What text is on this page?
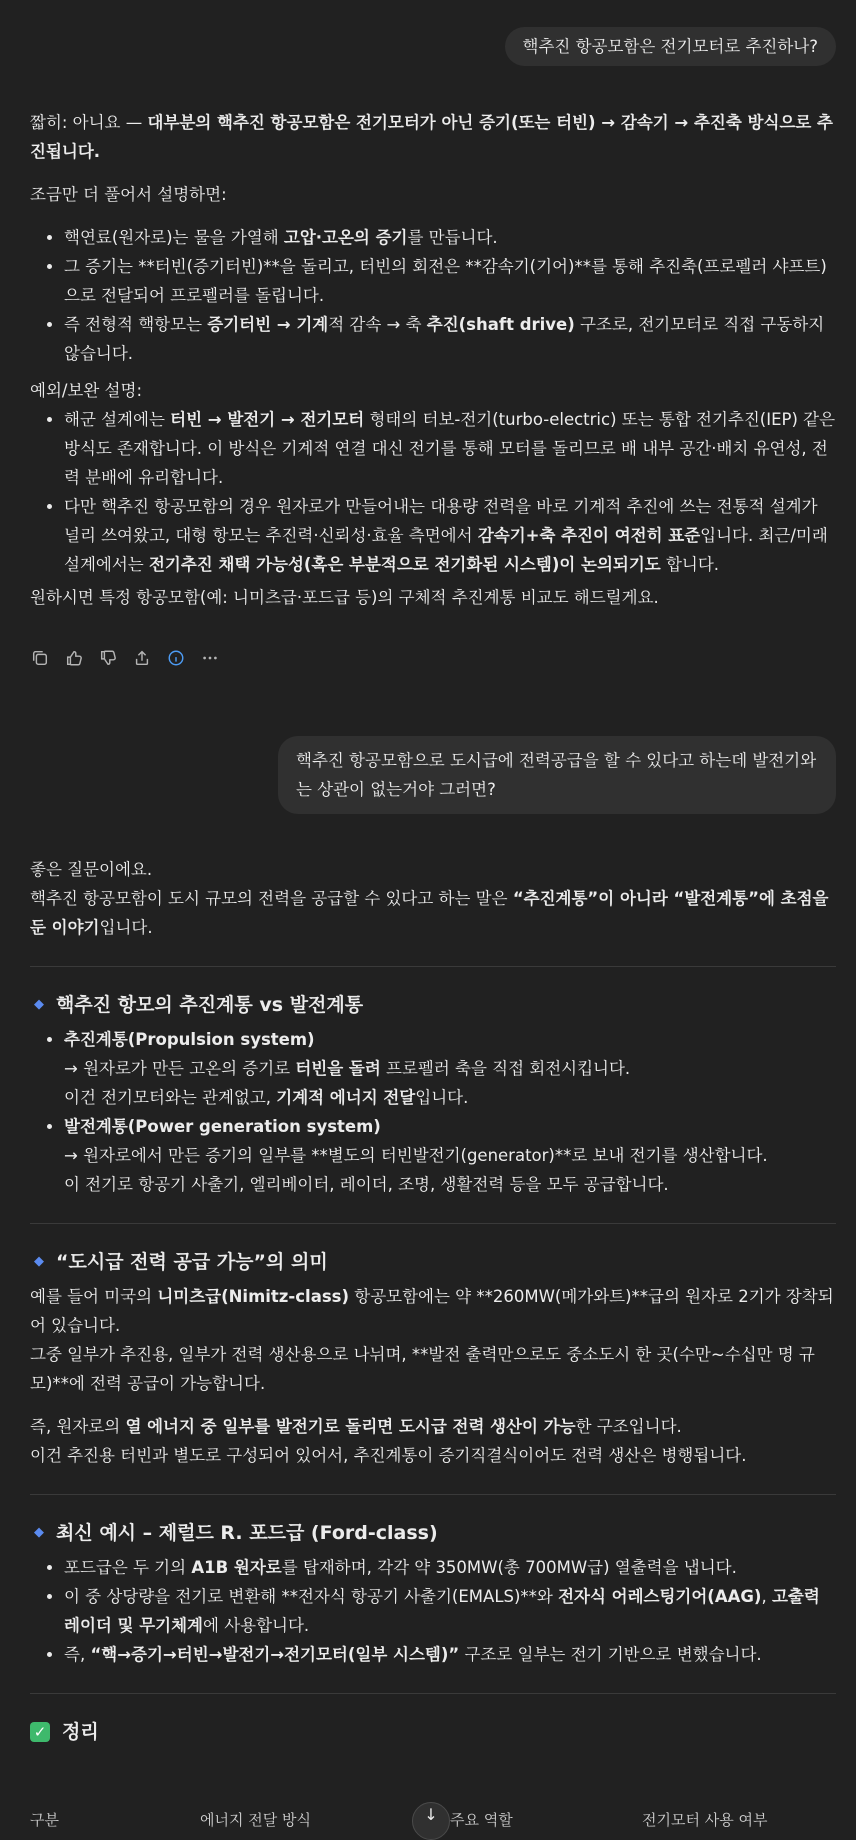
핵추진 항공모함은 전기모터로 추진하나?

짧히: 아니요 — 대부분의 핵추진 항공모함은 전기모터가 아닌 증기(또는 터빈) → 감속기 → 추진축 방식으로 추진됩니다.

조금만 더 풀어서 설명하면:

• 핵연료(원자로)는 물을 가열해 고압·고온의 증기를 만듭니다.
• 그 증기는 **터빈(증기터빈)**을 돌리고, 터빈의 회전은 **감속기(기어)**를 통해 추진축(프로펠러 샤프트)으로 전달되어 프로펠러를 돌립니다.
• 즉 전형적 핵항모는 증기터빈 → 기계적 감속 → 축 추진(shaft drive) 구조로, 전기모터로 직접 구동하지 않습니다.

예외/보완 설명:

• 해군 설계에는 터빈 → 발전기 → 전기모터 형태의 터보-전기(turbo-electric) 또는 통합 전기추진(IEP) 같은 방식도 존재합니다. 이 방식은 기계적 연결 대신 전기를 통해 모터를 돌리므로 배 내부 공간·배치 유연성, 전력 분배에 유리합니다.
• 다만 핵추진 항공모함의 경우 원자로가 만들어내는 대용량 전력을 바로 기계적 추진에 쓰는 전통적 설계가 널리 쓰여왔고, 대형 항모는 추진력·신뢰성·효율 측면에서 감속기+축 추진이 여전히 표준입니다. 최근/미래 설계에서는 전기추진 채택 가능성(혹은 부분적으로 전기화된 시스템)이 논의되기도 합니다.

원하시면 특정 항공모함(예: 니미츠급·포드급 등)의 구체적 추진계통 비교도 해드릴게요.

핵추진 항공모함으로 도시급에 전력공급을 할 수 있다고 하는데 발전기와는 상관이 없는거야 그러면?

좋은 질문이에요.

핵추진 항공모함이 도시 규모의 전력을 공급할 수 있다고 하는 말은 “추진계통”이 아니라 “발전계통”에 초점을 둔 이야기입니다.

◆ 핵추진 항모의 추진계통 vs 발전계통
• 추진계통(Propulsion system)
→ 원자로가 만든 고온의 증기로 터빈을 돌려 프로펠러 축을 직접 회전시킵니다.
이건 전기모터와는 관계없고, 기계적 에너지 전달입니다.
• 발전계통(Power generation system)
→ 원자로에서 만든 증기의 일부를 **별도의 터빈발전기(generator)**로 보내 전기를 생산합니다.
이 전기로 항공기 사출기, 엘리베이터, 레이더, 조명, 생활전력 등을 모두 공급합니다.
◆ “도시급 전력 공급 가능”의 의미

예를 들어 미국의 니미츠급(Nimitz-class) 항공모함에는 약 **260MW(메가와트)**급의 원자로 2기가 장착되어 있습니다.
그중 일부가 추진용, 일부가 전력 생산용으로 나뉘며, **발전 출력만으로도 중소도시 한 곳(수만~수십만 명 규모)**에 전력 공급이 가능합니다.

즉, 원자로의 열 에너지 중 일부를 발전기로 돌리면 도시급 전력 생산이 가능한 구조입니다.
이건 추진용 터빈과 별도로 구성되어 있어서, 추진계통이 증기직결식이어도 전력 생산은 병행됩니다.

◆ 최신 예시 – 제럴드 R. 포드급 (Ford-class)
• 포드급은 두 기의 A1B 원자로를 탑재하며, 각각 약 350MW(총 700MW급) 열출력을 냅니다.
• 이 중 상당량을 전기로 변환해 **전자식 항공기 사출기(EMALS)**와 전자식 어레스팅기어(AAG), 고출력 레이더 및 무기체계에 사용합니다.
• 즉, “핵→증기→터빈→발전기→전기모터(일부 시스템)” 구조로 일부는 전기 기반으로 변했습니다.
✓ 정리
구분	에너지 전달 방식	주요 역할	전기모터 사용 여부
↓
